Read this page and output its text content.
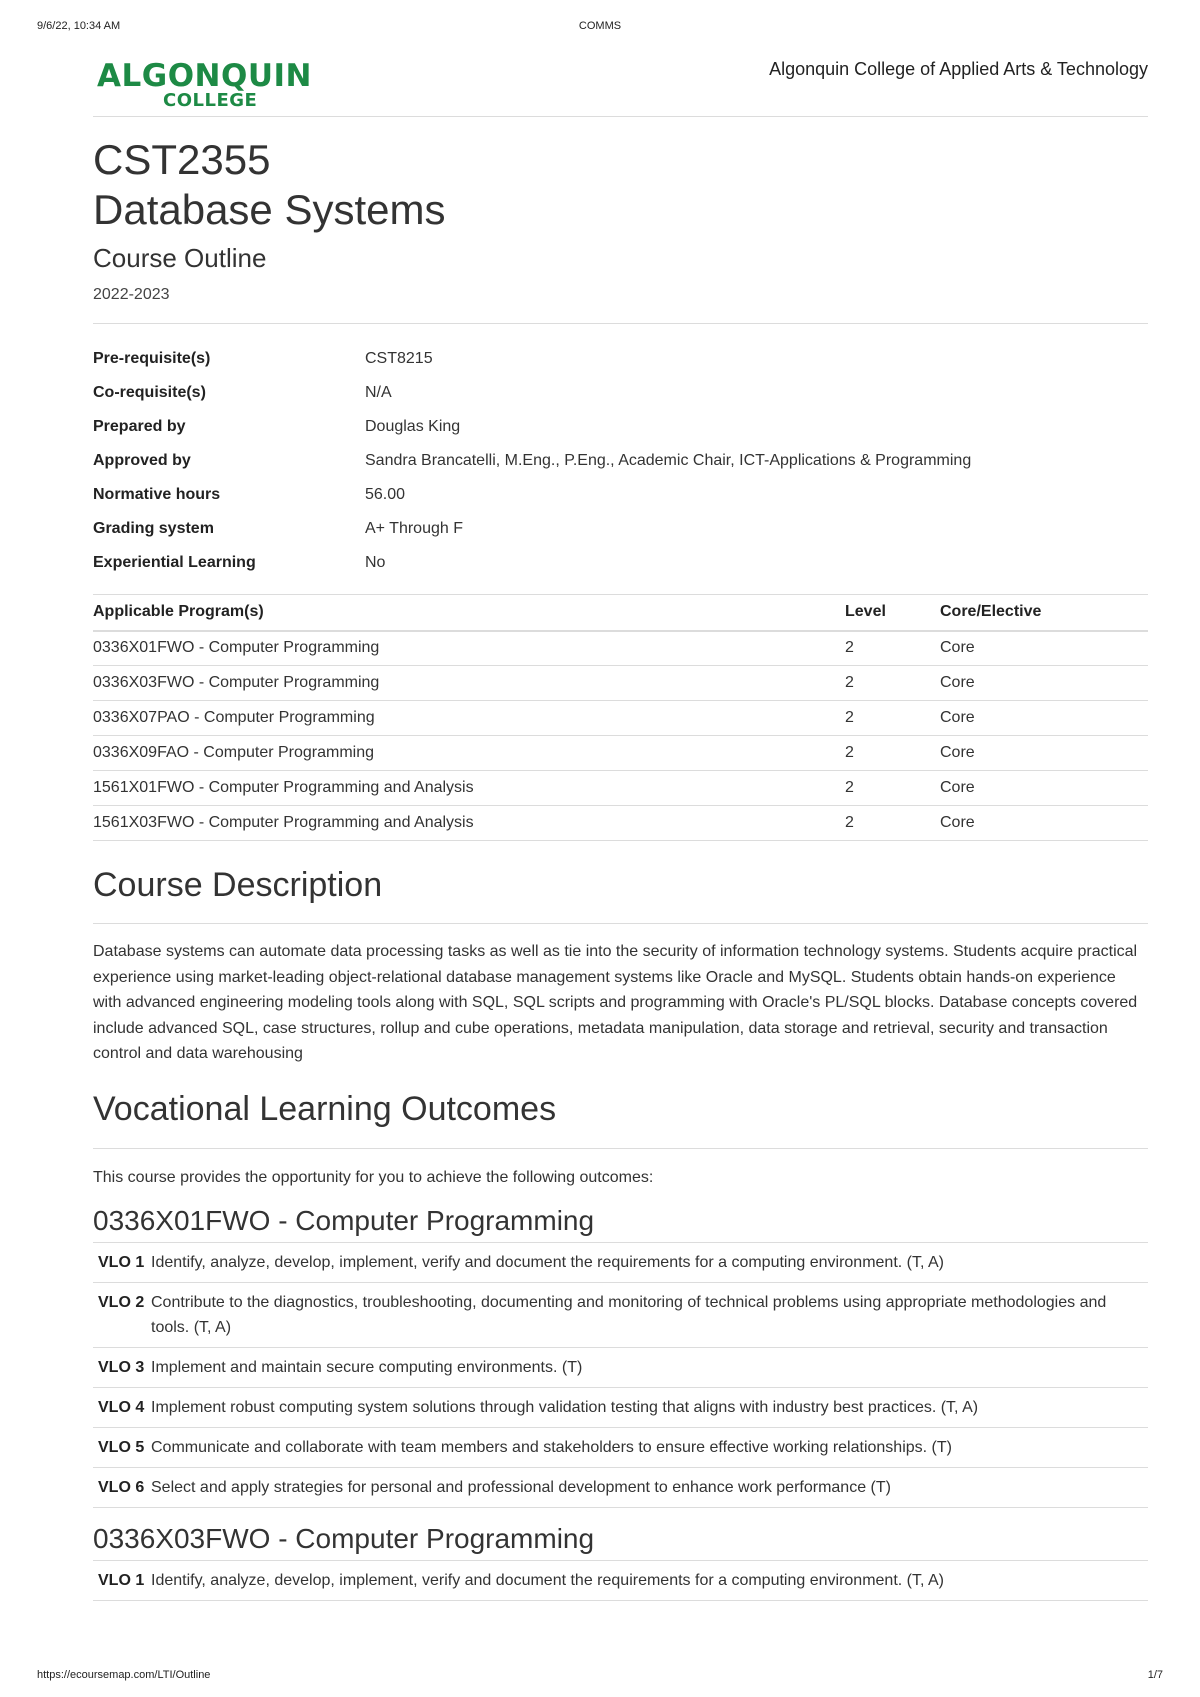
9/6/22, 10:34 AM	COMMS
ALGONQUIN
COLLEGE
Algonquin College of Applied Arts & Technology
CST2355
Database Systems
Course Outline
2022-2023
Pre-requisite(s)	CST8215
Co-requisite(s)	N/A
Prepared by	Douglas King
Approved by	Sandra Brancatelli, M.Eng., P.Eng., Academic Chair, ICT-Applications & Programming
Normative hours	56.00
Grading system	A+ Through F
Experiential Learning	No
Applicable Program(s)	Level	Core/Elective
0336X01FWO - Computer Programming	2	Core
0336X03FWO - Computer Programming	2	Core
0336X07PAO - Computer Programming	2	Core
0336X09FAO - Computer Programming	2	Core
1561X01FWO - Computer Programming and Analysis	2	Core
1561X03FWO - Computer Programming and Analysis	2	Core
Course Description

Database systems can automate data processing tasks as well as tie into the security of information technology systems. Students acquire practical experience using market-leading object-relational database management systems like Oracle and MySQL. Students obtain hands-on experience with advanced engineering modeling tools along with SQL, SQL scripts and programming with Oracle's PL/SQL blocks. Database concepts covered include advanced SQL, case structures, rollup and cube operations, metadata manipulation, data storage and retrieval, security and transaction control and data warehousing

Vocational Learning Outcomes

This course provides the opportunity for you to achieve the following outcomes:

0336X01FWO - Computer Programming
VLO 1	Identify, analyze, develop, implement, verify and document the requirements for a computing environment. (T, A)
VLO 2	Contribute to the diagnostics, troubleshooting, documenting and monitoring of technical problems using appropriate methodologies and tools. (T, A)
VLO 3	Implement and maintain secure computing environments. (T)
VLO 4	Implement robust computing system solutions through validation testing that aligns with industry best practices. (T, A)
VLO 5	Communicate and collaborate with team members and stakeholders to ensure effective working relationships. (T)
VLO 6	Select and apply strategies for personal and professional development to enhance work performance (T)
0336X03FWO - Computer Programming
VLO 1	Identify, analyze, develop, implement, verify and document the requirements for a computing environment. (T, A)
https://ecoursemap.com/LTI/Outline	1/7
